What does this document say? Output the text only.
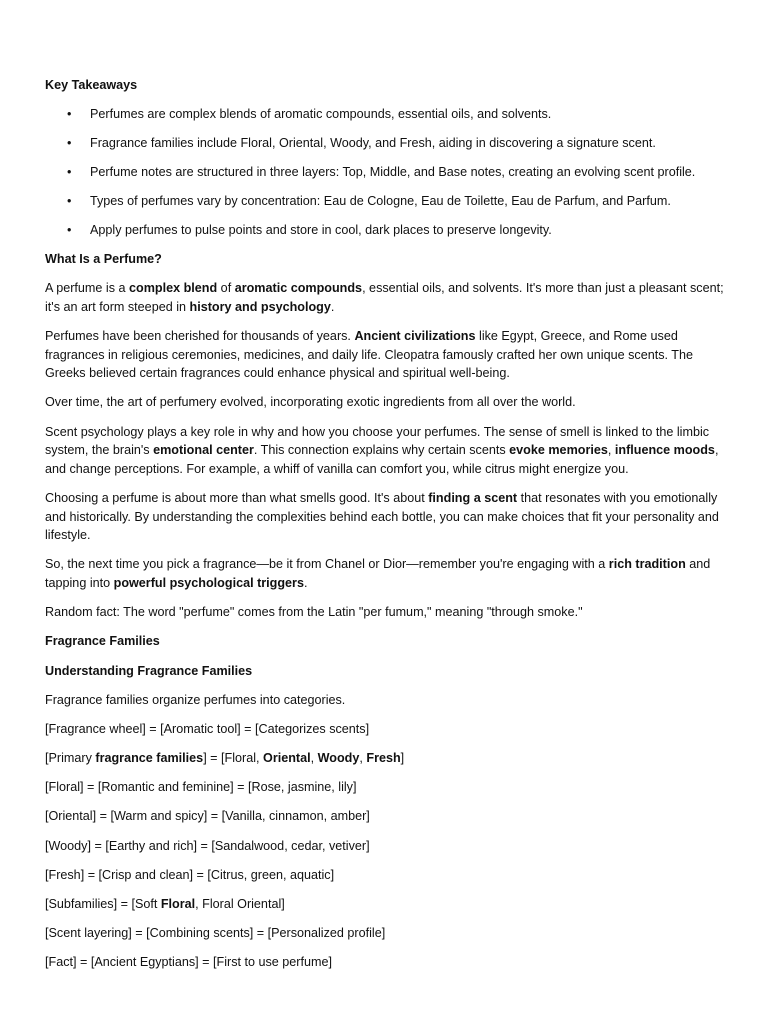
Key Takeaways
• Perfumes are complex blends of aromatic compounds, essential oils, and solvents.
• Fragrance families include Floral, Oriental, Woody, and Fresh, aiding in discovering a signature scent.
• Perfume notes are structured in three layers: Top, Middle, and Base notes, creating an evolving scent profile.
• Types of perfumes vary by concentration: Eau de Cologne, Eau de Toilette, Eau de Parfum, and Parfum.
• Apply perfumes to pulse points and store in cool, dark places to preserve longevity.
What Is a Perfume?

A perfume is a complex blend of aromatic compounds, essential oils, and solvents. It's more than just a pleasant scent; it's an art form steeped in history and psychology.

Perfumes have been cherished for thousands of years. Ancient civilizations like Egypt, Greece, and Rome used fragrances in religious ceremonies, medicines, and daily life. Cleopatra famously crafted her own unique scents. The Greeks believed certain fragrances could enhance physical and spiritual well-being.

Over time, the art of perfumery evolved, incorporating exotic ingredients from all over the world.

Scent psychology plays a key role in why and how you choose your perfumes. The sense of smell is linked to the limbic system, the brain's emotional center. This connection explains why certain scents evoke memories, influence moods, and change perceptions. For example, a whiff of vanilla can comfort you, while citrus might energize you.

Choosing a perfume is about more than what smells good. It's about finding a scent that resonates with you emotionally and historically. By understanding the complexities behind each bottle, you can make choices that fit your personality and lifestyle.

So, the next time you pick a fragrance—be it from Chanel or Dior—remember you're engaging with a rich tradition and tapping into powerful psychological triggers.

Random fact: The word "perfume" comes from the Latin "per fumum," meaning "through smoke."

Fragrance Families
Understanding Fragrance Families

Fragrance families organize perfumes into categories.

[Fragrance wheel] = [Aromatic tool] = [Categorizes scents]
[Primary fragrance families] = [Floral, Oriental, Woody, Fresh]
[Floral] = [Romantic and feminine] = [Rose, jasmine, lily]
[Oriental] = [Warm and spicy] = [Vanilla, cinnamon, amber]
[Woody] = [Earthy and rich] = [Sandalwood, cedar, vetiver]
[Fresh] = [Crisp and clean] = [Citrus, green, aquatic]
[Subfamilies] = [Soft Floral, Floral Oriental]
[Scent layering] = [Combining scents] = [Personalized profile]
[Fact] = [Ancient Egyptians] = [First to use perfume]
